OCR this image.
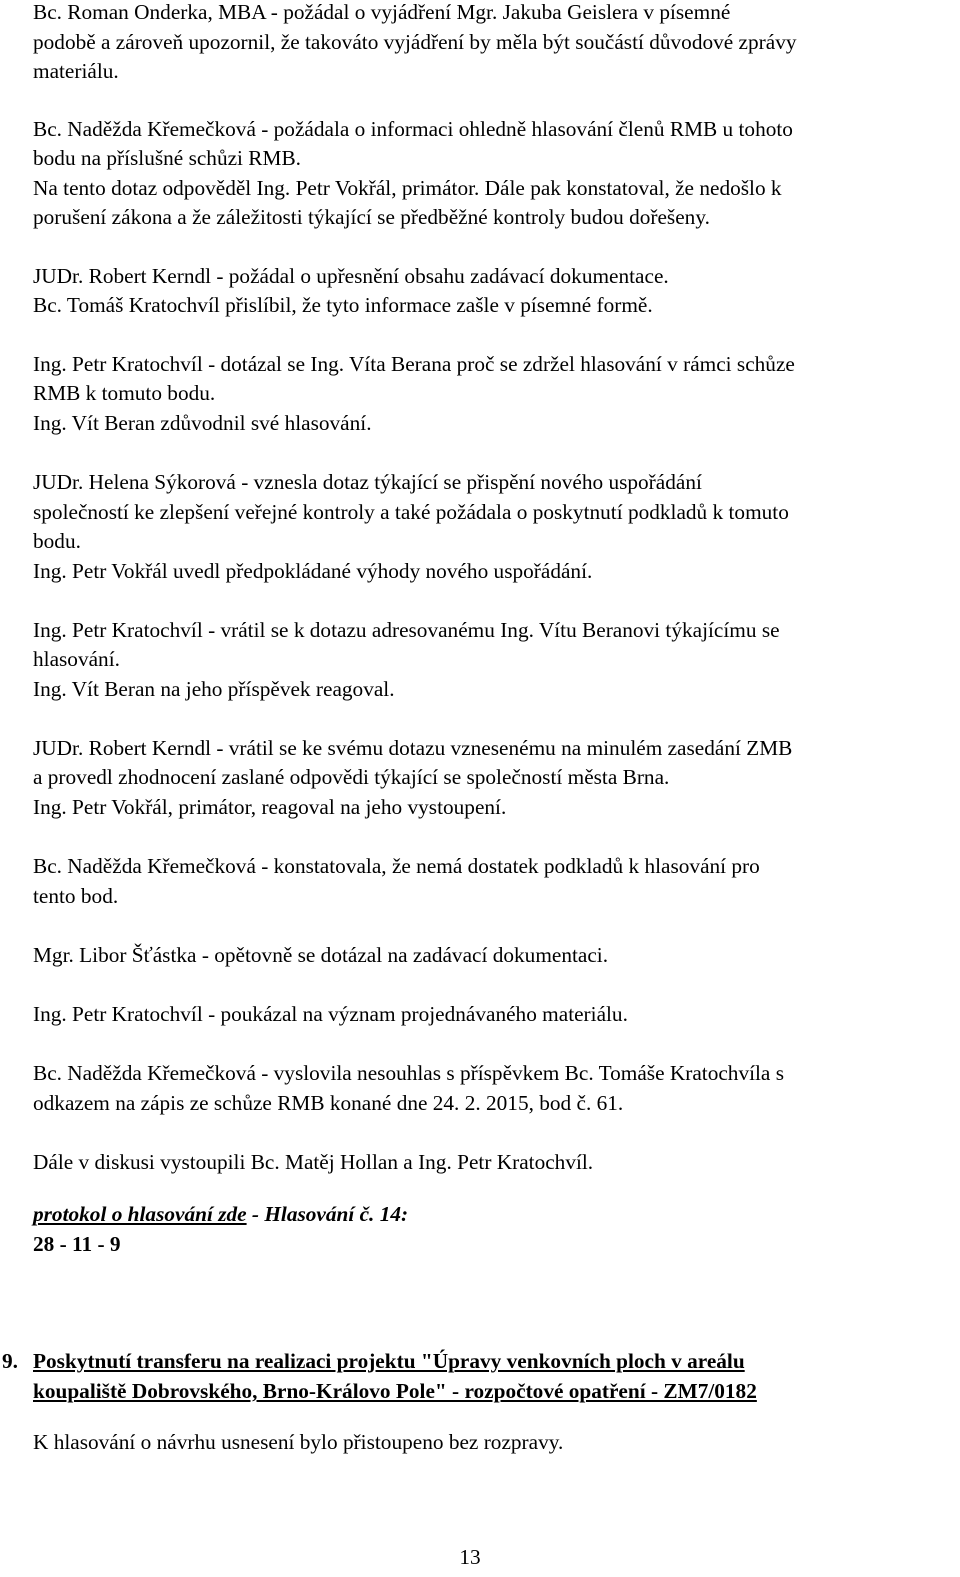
Bc. Roman Onderka, MBA - požádal o vyjádření Mgr. Jakuba Geislera v písemné
podobě a zároveň upozornil, že takováto vyjádření by měla být součástí důvodové zprávy
materiálu.
Bc. Naděžda Křemečková - požádala o informaci ohledně hlasování členů RMB u tohoto
bodu na příslušné schůzi RMB.
Na tento dotaz odpověděl Ing. Petr Vokřál, primátor. Dále pak konstatoval, že nedošlo k
porušení zákona a že záležitosti týkající se předběžné kontroly budou dořešeny.
JUDr. Robert Kerndl - požádal o upřesnění obsahu zadávací dokumentace.
Bc. Tomáš Kratochvíl přislíbil, že tyto informace zašle v písemné formě.
Ing. Petr Kratochvíl - dotázal se Ing. Víta Berana proč se zdržel hlasování v rámci schůze
RMB k tomuto bodu.
Ing. Vít Beran zdůvodnil své hlasování.
JUDr. Helena Sýkorová - vznesla dotaz týkající se přispění nového uspořádání
společností ke zlepšení veřejné kontroly a také požádala o poskytnutí podkladů k tomuto
bodu.
Ing. Petr Vokřál uvedl předpokládané výhody nového uspořádání.
Ing. Petr Kratochvíl - vrátil se k dotazu adresovanému Ing. Vítu Beranovi týkajícímu se
hlasování.
Ing. Vít Beran na jeho příspěvek reagoval.
JUDr. Robert Kerndl - vrátil se ke svému dotazu vznesenému na minulém zasedání ZMB
a provedl zhodnocení zaslané odpovědi týkající se společností města Brna.
Ing. Petr Vokřál, primátor, reagoval na jeho vystoupení.
Bc. Naděžda Křemečková - konstatovala, že nemá dostatek podkladů k hlasování pro
tento bod.
Mgr. Libor Šťástka - opětovně se dotázal na zadávací dokumentaci.
Ing. Petr Kratochvíl - poukázal na význam projednávaného materiálu.
Bc. Naděžda Křemečková - vyslovila nesouhlas s příspěvkem Bc. Tomáše Kratochvíla s
odkazem na zápis ze schůze RMB konané dne 24. 2. 2015, bod č. 61.
Dále v diskusi vystoupili Bc. Matěj Hollan a Ing. Petr Kratochvíl.
protokol o hlasování zde - Hlasování č. 14:
28 - 11 - 9
9. Poskytnutí transferu na realizaci projektu "Úpravy venkovních ploch v areálu
koupaliště Dobrovského, Brno-Královo Pole" - rozpočtové opatření - ZM7/0182
K hlasování o návrhu usnesení bylo přistoupeno bez rozpravy.
13
